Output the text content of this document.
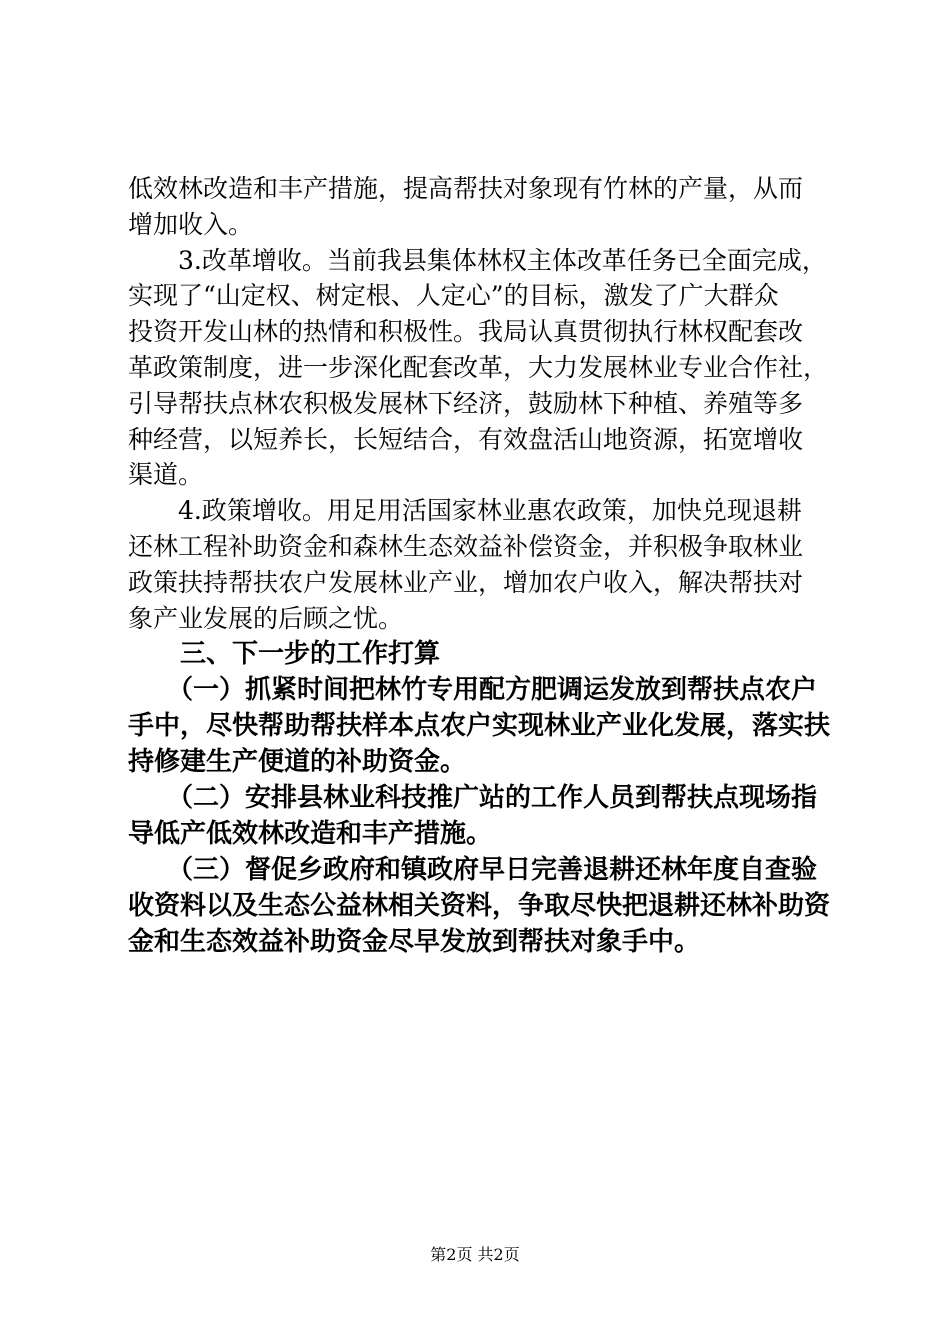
低效林改造和丰产措施，提高帮扶对象现有竹林的产量，从而
增加收入。
　　3.改革增收。当前我县集体林权主体改革任务已全面完成，
实现了“山定权、树定根、人定心”的目标，激发了广大群众
投资开发山林的热情和积极性。我局认真贯彻执行林权配套改
革政策制度，进一步深化配套改革，大力发展林业专业合作社，
引导帮扶点林农积极发展林下经济，鼓励林下种植、养殖等多
种经营，以短养长，长短结合，有效盘活山地资源，拓宽增收
渠道。
　　4.政策增收。用足用活国家林业惠农政策，加快兑现退耕
还林工程补助资金和森林生态效益补偿资金，并积极争取林业
政策扶持帮扶农户发展林业产业，增加农户收入，解决帮扶对
象产业发展的后顾之忧。
　　三、下一步的工作打算
　　（一）抓紧时间把林竹专用配方肥调运发放到帮扶点农户
手中，尽快帮助帮扶样本点农户实现林业产业化发展，落实扶
持修建生产便道的补助资金。
　　（二）安排县林业科技推广站的工作人员到帮扶点现场指
导低产低效林改造和丰产措施。
　　（三）督促乡政府和镇政府早日完善退耕还林年度自查验
收资料以及生态公益林相关资料，争取尽快把退耕还林补助资
金和生态效益补助资金尽早发放到帮扶对象手中。
第2页 共2页
